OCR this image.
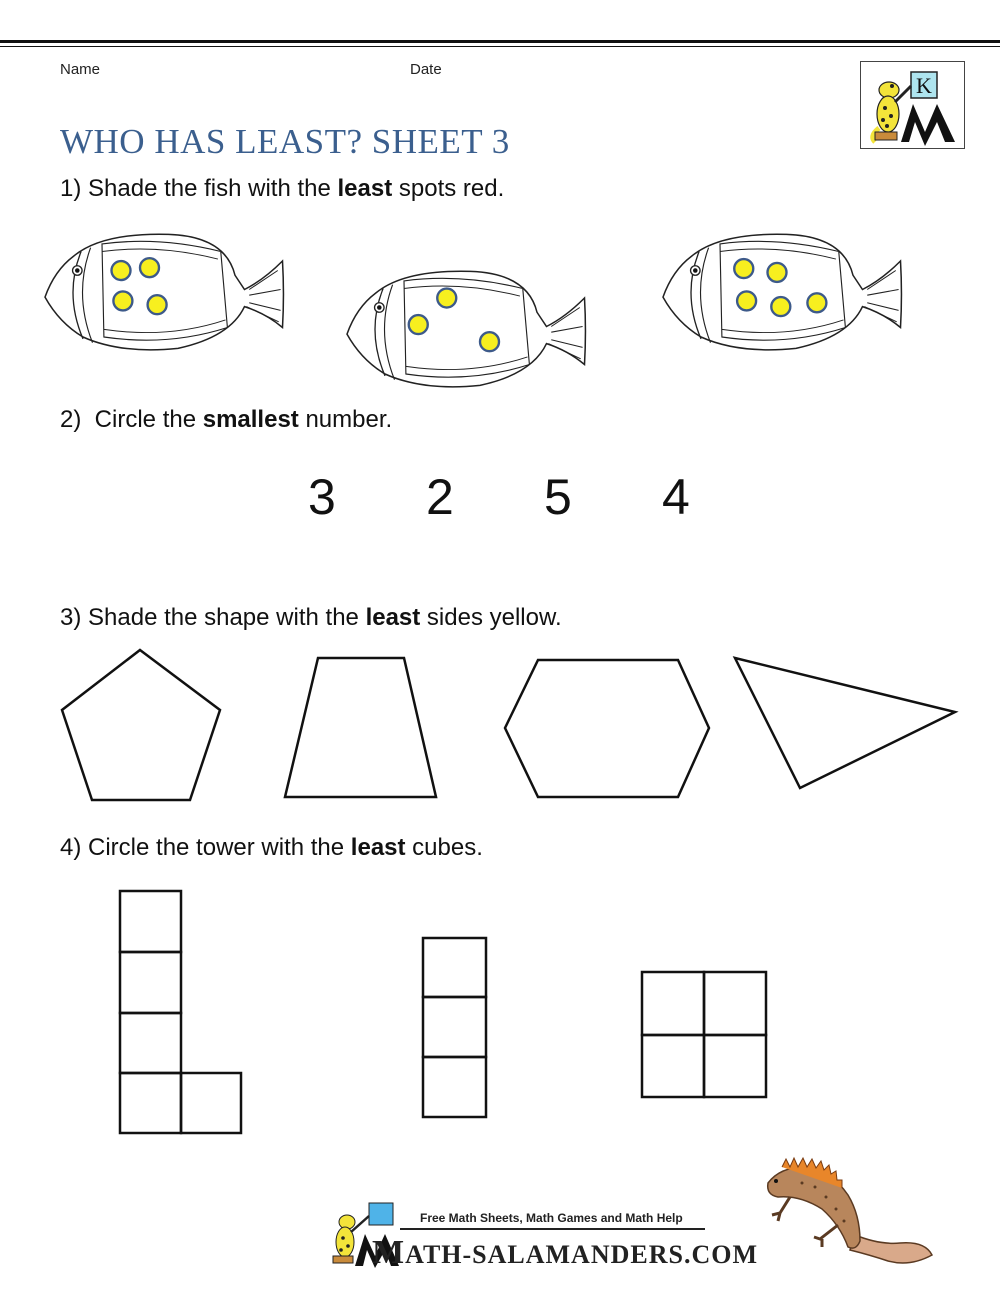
Name	Date
K
WHO HAS LEAST? SHEET 3
1) Shade the fish with the least spots red.
2)  Circle the smallest number.
3 2 5 4
3) Shade the shape with the least sides yellow.
4) Circle the tower with the least cubes.
Free Math Sheets, Math Games and Math Help
MATH-SALAMANDERS.COM
